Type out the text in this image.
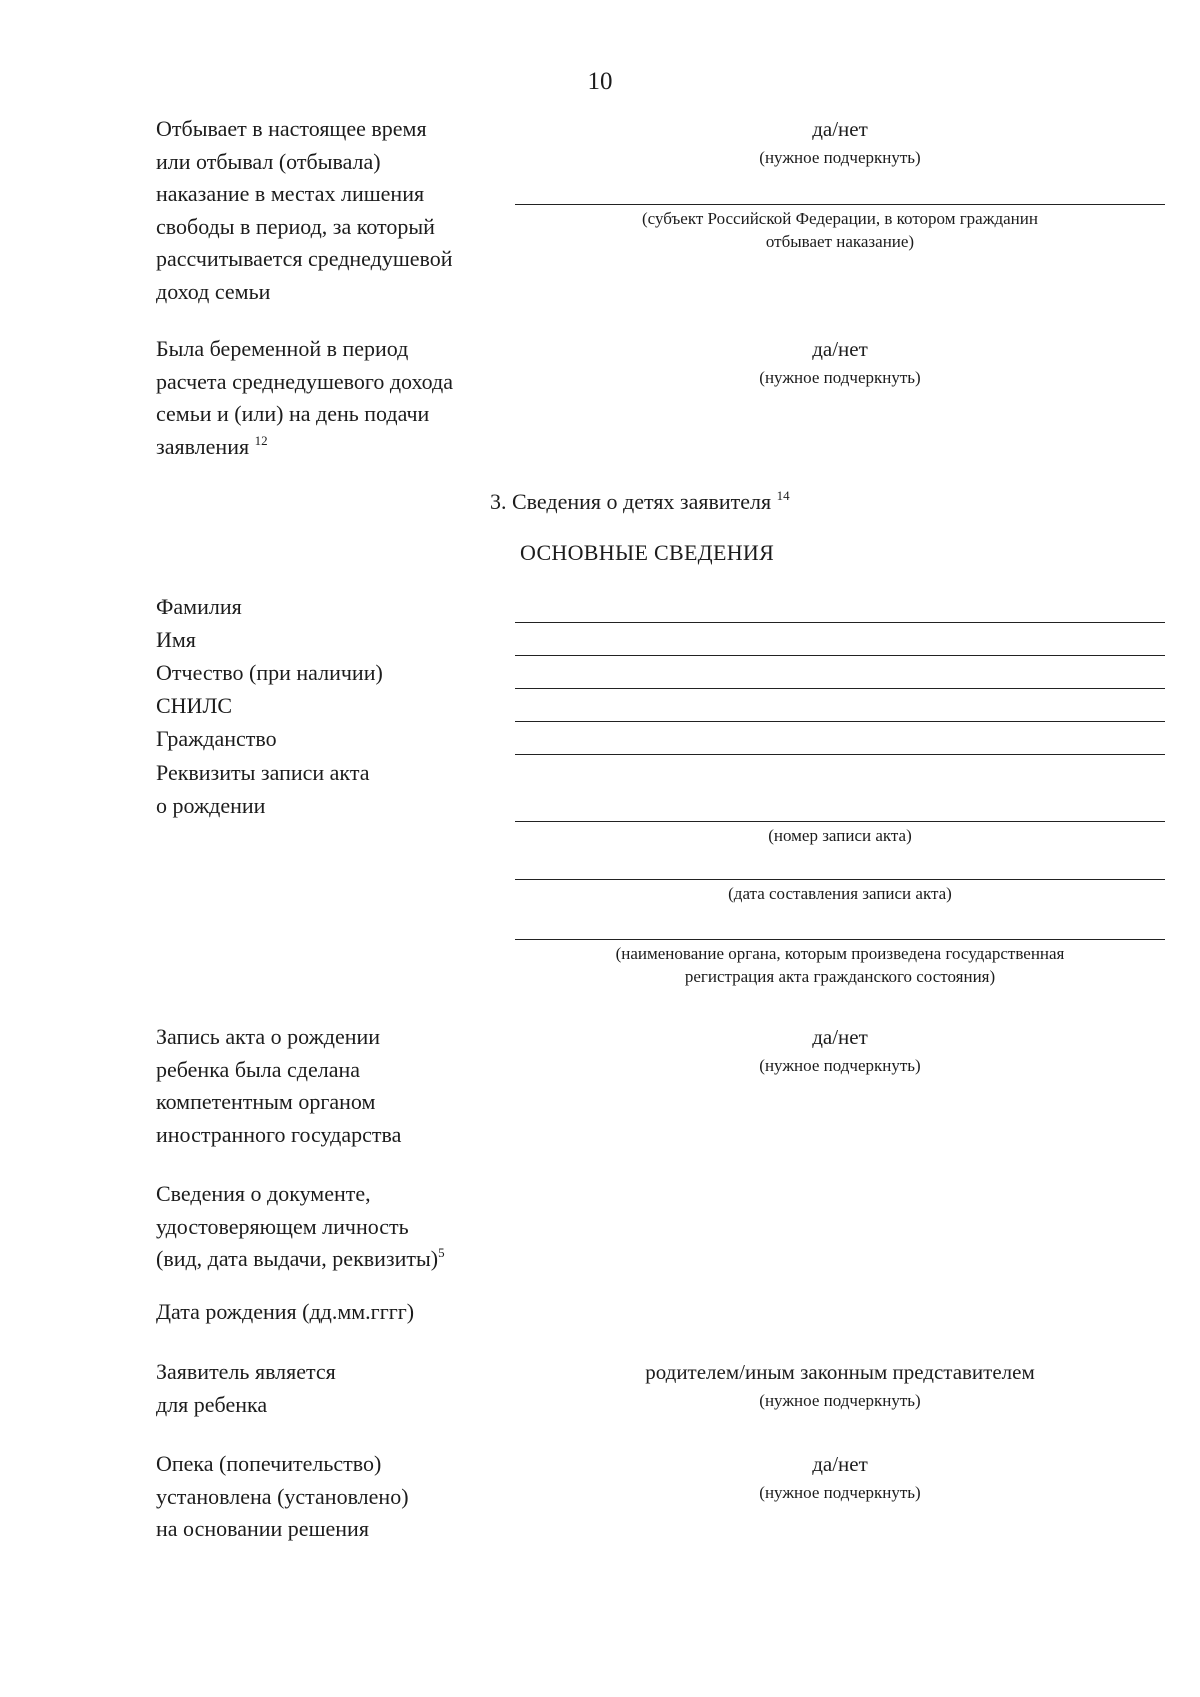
10
Отбывает в настоящее время
или отбывал (отбывала)
наказание в местах лишения
свободы в период, за который
рассчитывается среднедушевой
доход семьи
да/нет
(нужное подчеркнуть)
(субъект Российской Федерации, в котором гражданин
отбывает наказание)
Была беременной в период
расчета среднедушевого дохода
семьи и (или) на день подачи
заявления $^{12}$
да/нет
(нужное подчеркнуть)
3. Сведения о детях заявителя $^{14}$
ОСНОВНЫЕ СВЕДЕНИЯ
Фамилия
Имя
Отчество (при наличии)
СНИЛС
Гражданство
Реквизиты записи акта
о рождении
(номер записи акта)
(дата составления записи акта)
(наименование органа, которым произведена государственная
регистрация акта гражданского состояния)
Запись акта о рождении
ребенка была сделана
компетентным органом
иностранного государства
да/нет
(нужное подчеркнуть)
Сведения о документе,
удостоверяющем личность
(вид, дата выдачи, реквизиты)$^5$
Дата рождения (дд.мм.гггг)
Заявитель является
для ребенка
родителем/иным законным представителем
(нужное подчеркнуть)
Опека (попечительство)
установлена (установлено)
на основании решения
да/нет
(нужное подчеркнуть)
